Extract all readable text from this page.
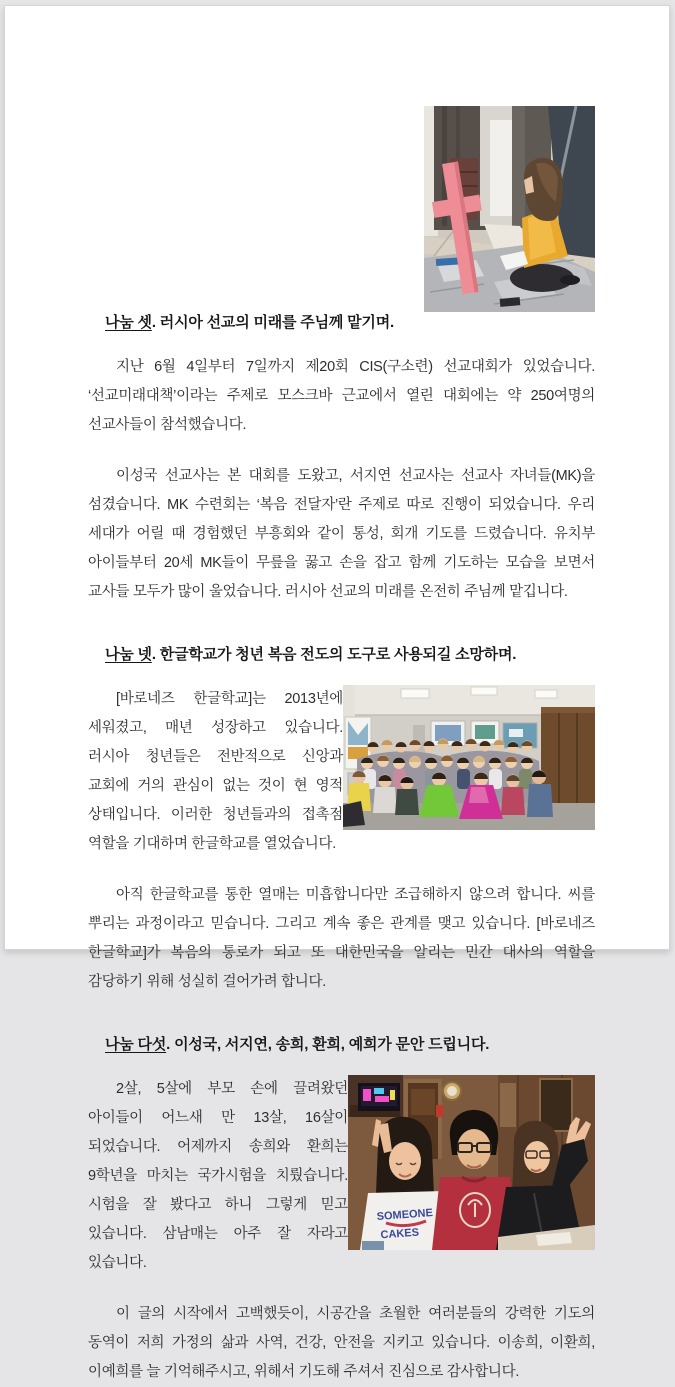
나눔 셋. 러시아 선교의 미래를 주님께 맡기며.

지난 6월 4일부터 7일까지 제20회 CIS(구소련) 선교대회가 있었습니다. ‘선교미래대책’이라는 주제로 모스크바 근교에서 열린 대회에는 약 250여명의 선교사들이 참석했습니다.

이성국 선교사는 본 대회를 도왔고, 서지연 선교사는 선교사 자녀들(MK)을 섬겼습니다. MK 수련회는 ‘복음 전달자’란 주제로 따로 진행이 되었습니다. 우리 세대가 어릴 때 경험했던 부흥회와 같이 통성, 회개 기도를 드렸습니다. 유치부 아이들부터 20세 MK들이 무릎을 꿇고 손을 잡고 함께 기도하는 모습을 보면서 교사들 모두가 많이 울었습니다. 러시아 선교의 미래를 온전히 주님께 맡깁니다.

나눔 넷. 한글학교가 청년 복음 전도의 도구로 사용되길 소망하며.

[바로네즈 한글학교]는 2013년에 세워졌고, 매년 성장하고 있습니다. 러시아 청년들은 전반적으로 신앙과 교회에 거의 관심이 없는 것이 현 영적 상태입니다. 이러한 청년들과의 접촉점 역할을 기대하며 한글학교를 열었습니다.

아직 한글학교를 통한 열매는 미흡합니다만 조급해하지 않으려 합니다. 씨를 뿌리는 과정이라고 믿습니다. 그리고 계속 좋은 관계를 맺고 있습니다. [바로네즈 한글학교]가 복음의 통로가 되고 또 대한민국을 알리는 민간 대사의 역할을 감당하기 위해 성실히 걸어가려 합니다.

나눔 다섯. 이성국, 서지연, 송희, 환희, 예희가 문안 드립니다.
SOMEONE
CAKES

2살, 5살에 부모 손에 끌려왔던 아이들이 어느새 만 13살, 16살이 되었습니다. 어제까지 송희와 환희는 9학년을 마치는 국가시험을 치뤘습니다. 시험을 잘 봤다고 하니 그렇게 믿고 있습니다. 삼남매는 아주 잘 자라고 있습니다.

이 글의 시작에서 고백했듯이, 시공간을 초월한 여러분들의 강력한 기도의 동역이 저희 가정의 삶과 사역, 건강, 안전을 지키고 있습니다. 이송희, 이환희, 이예희를 늘 기억해주시고, 위해서 기도해 주셔서 진심으로 감사합니다.
